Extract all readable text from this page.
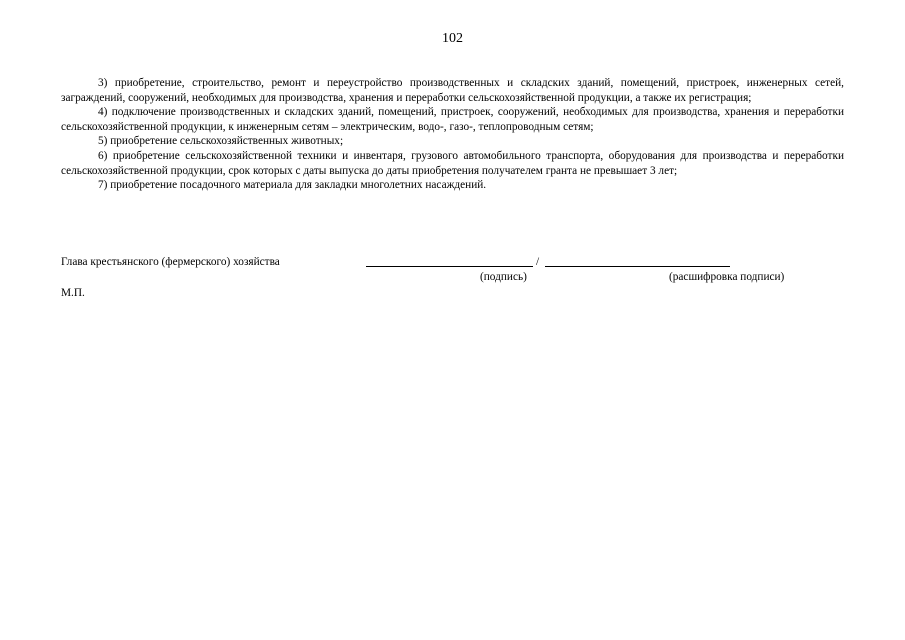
102

3) приобретение, строительство, ремонт и переустройство производственных и складских зданий, помещений, пристроек, инженерных сетей, заграждений, сооружений, необходимых для производства, хранения и переработки сельскохозяйственной продукции, а также их регистрация;

4) подключение производственных и складских зданий, помещений, пристроек, сооружений, необходимых для производства, хранения и переработки сельскохозяйственной продукции, к инженерным сетям – электрическим, водо-, газо-, теплопроводным сетям;

5) приобретение сельскохозяйственных животных;

6) приобретение сельскохозяйственной техники и инвентаря, грузового автомобильного транспорта, оборудования для производства и переработки сельскохозяйственной продукции, срок которых с даты выпуска до даты приобретения получателем гранта не превышает 3 лет;

7) приобретение посадочного материала для закладки многолетних насаждений.

Глава крестьянского (фермерского) хозяйства	/
(подпись)	(расшифровка подписи)
М.П.
